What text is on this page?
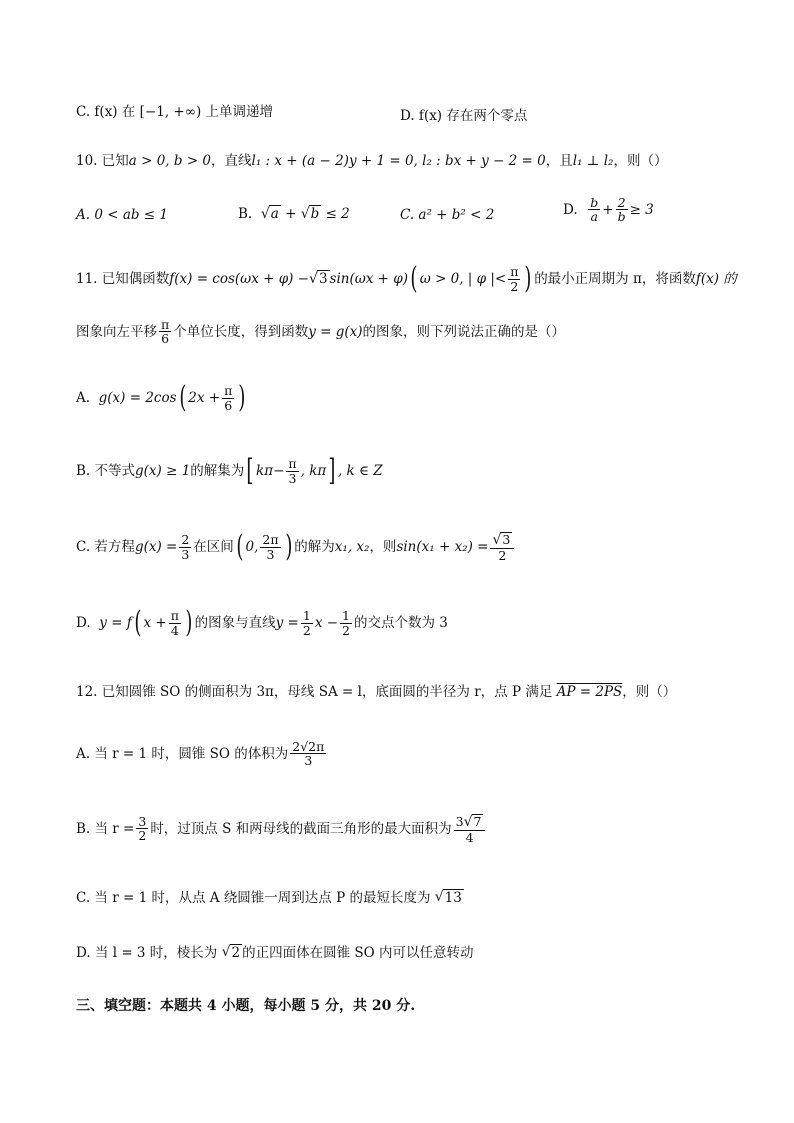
C. f(x) 在 [−1, +∞) 上单调递增	D. f(x) 存在两个零点
10. 已知 a > 0, b > 0 ，直线 l₁ : x + (a − 2)y + 1 = 0, l₂ : bx + y − 2 = 0 ，且 l₁ ⊥ l₂ ，则（）
A. 0 < ab ≤ 1	B.
√ a + √ b
≤ 2	C. a² + b² < 2	D.
$\frac{b}{a} + \frac{2}{b} \ge 3$
11. 已知偶函数 f(x) = cos(ωx + φ) − √ 3 sin(ωx + φ) ( ω > 0, | φ |< $\frac{\pi}{2}$ ) 的最小正周期为 π，将函数 f(x) 的
图象向左平移 $\frac{\pi}{6}$ 个单位长度，得到函数 y = g(x) 的图象，则下列说法正确的是（）
A.
g(x) = 2cos ( $2x + \frac{\pi}{6}$ )
B. 不等式 g(x) ≥ 1 的解集为 [ $k\pi- \frac{\pi}{3}$ , kπ ] , k ∈ Z
C. 若方程 $g(x) = \frac{2}{3}$ 在区间 ( 0, $\frac{2\pi}{3}$ ) 的解为 x₁, x₂ ，则 $\sin(x_1 + x_2) = \frac{√3}{2}$
D.
y = f ( $x + \frac{\pi}{4}$ ) 的图象与直线 $y = \frac{1}{2}$ $x - \frac{1}{2}$ 的交点个数为 3
12. 已知圆锥 SO 的侧面积为 3π，母线 SA = l，底面圆的半径为 r，点 P 满足
AP = 2PS ，则（）
A. 当 r = 1 时，圆锥 SO 的体积为 $\frac{2√2\pi}{3}$
B. 当 $r = \frac{3}{2}$ 时，过顶点 S 和两母线的截面三角形的最大面积为 $\frac{3√7}{4}$
C. 当 r = 1 时，从点 A 绕圆锥一周到达点 P 的最短长度为
√ 13
D. 当 l = 3 时，棱长为
√ 2 的正四面体在圆锥 SO 内可以任意转动
三、填空题：本题共 4 小题，每小题 5 分，共 20 分.
